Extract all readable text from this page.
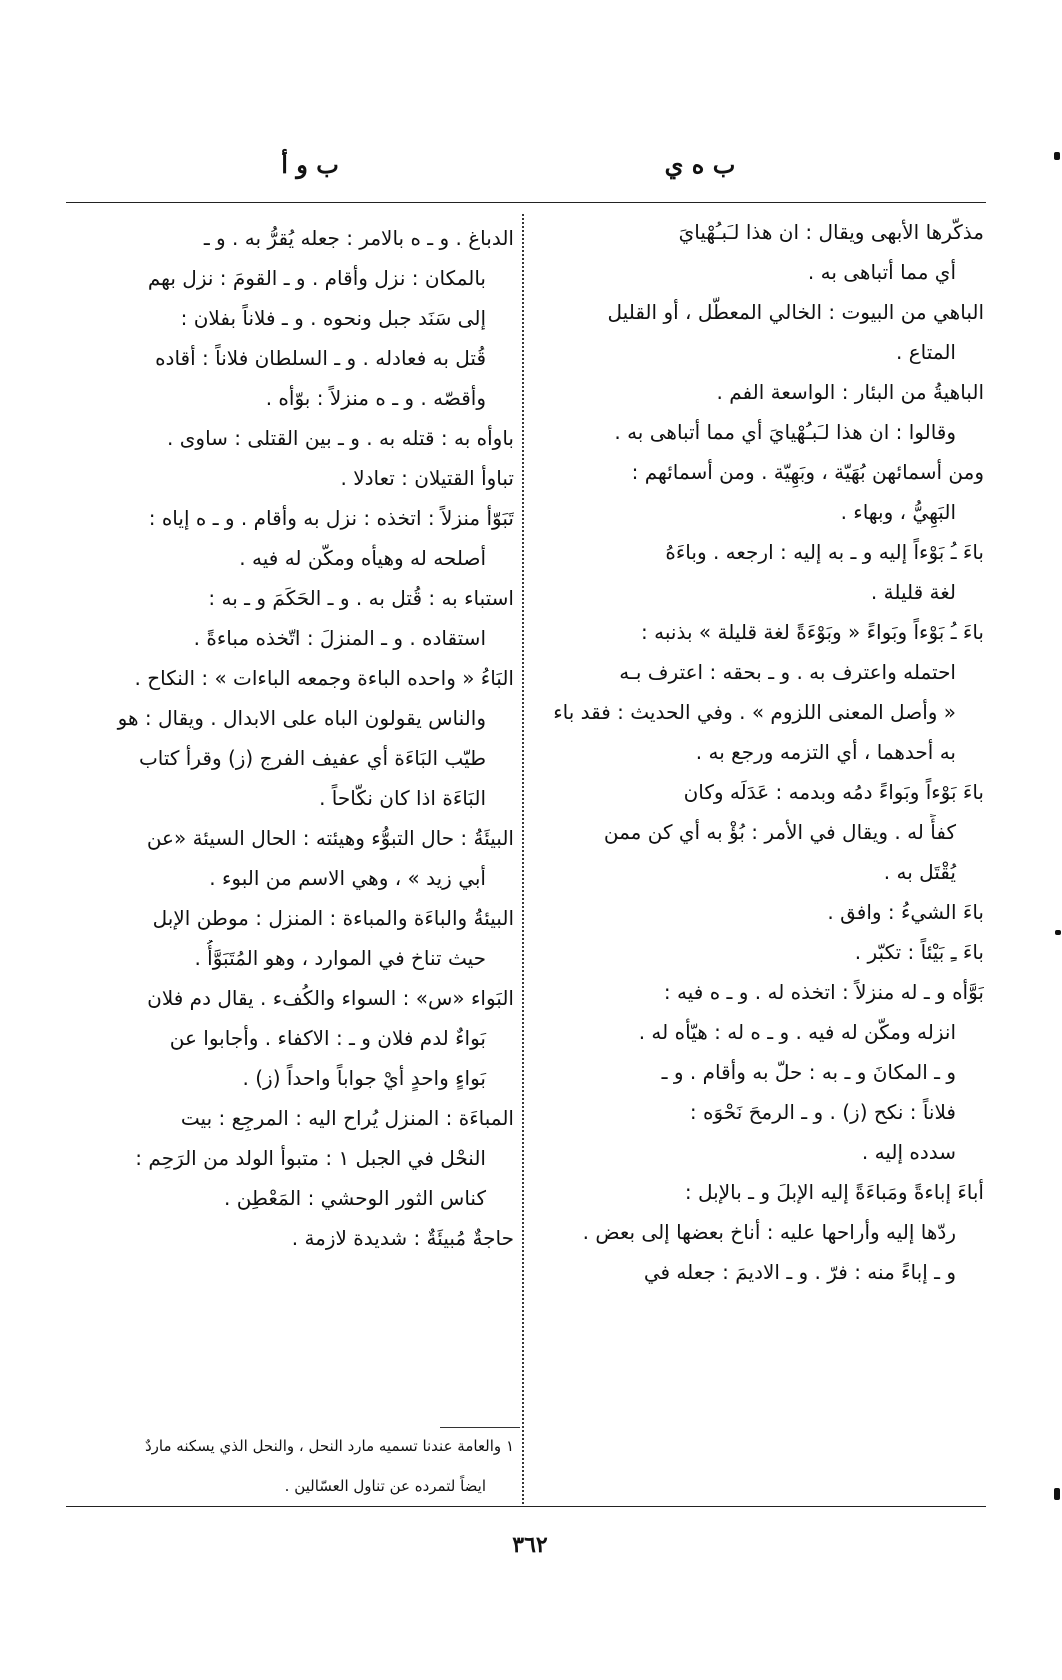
ب ه ي
ب و أ
مذكّرها الأبهى ويقال : ان هذا لـَبـُهْيايَ
أي مما أتباهى به .
الباهي من البيوت : الخالي المعطّل ، أو القليل
المتاع .
الباهيةُ من البئار : الواسعة الفم .
وقالوا : ان هذا لـَبـُهْيايَ أي مما أتباهى به .
ومن أسمائهن بُهَيّة ، وبَهِيّة . ومن أسمائهم :
البَهِيُّ ، وبهاء .
باءَ ـُ بَوْءاً إليه و ـ به إليه : ارجعه . وباءَهُ
لغة قليلة .
باءَ ـُ بَوْءاً وبَواءً « وبَوْءَةً لغة قليلة » بذنبه :
احتمله واعترف به . و ـ بحقه : اعترف بـه
« وأصل المعنى اللزوم » . وفي الحديث : فقد باء
به أحدهما ، أي التزمه ورجع به .
باءَ بَوْءاً وبَواءً دمُه وبدمه : عَدَلَه وكان
كفأً له . ويقال في الأمر : بُؤْ به أي كن ممن
يُقْتَل به .
باءَ الشيءُ : وافق .
باءَ ـِ بَيْئاً : تكبّر .
بَوَّأه و ـ له منزلاً : اتخذه له . و ـ ه فيه :
انزله ومكّن له فيه . و ـ ه له : هيّأه له .
و ـ المكانَ و ـ به : حلّ به وأقام . و ـ
فلاناً : نكح (ز) . و ـ الرمحَ نَحْوَه :
سدده إليه .
أباءَ إباءةً ومَباءَةً إليه الإبلَ و ـ بالإبل :
ردّها إليه وأراحها عليه : أناخ بعضها إلى بعض .
و ـ إباءً منه : فرّ . و ـ الاديمَ : جعله في
الدباغ . و ـ ه بالامر : جعله يُقرُّ به . و ـ
بالمكان : نزل وأقام . و ـ القومَ : نزل بهم
إلى سَنَد جبل ونحوه . و ـ فلاناً بفلان :
قُتل به فعادله . و ـ السلطان فلاناً : أقاده
وأقصّه . و ـ ه منزلاً : بوّأه .
باوأه به : قتله به . و ـ بين القتلى : ساوى .
تباوأ القتيلان : تعادلا .
تَبَوّأ منزلاً : اتخذه : نزل به وأقام . و ـ ه إياه :
أصلحه له وهيأه ومكّن له فيه .
استباء به : قُتل به . و ـ الحَكَمَ و ـ به :
استقاده . و ـ المنزلَ : اتّخذه مباءةً .
البَاءُ « واحده الباءة وجمعه الباءات » : النكاح .
والناس يقولون الباه على الابدال . ويقال : هو
طيّب البَاءَة أي عفيف الفرج (ز) وقرأ كتاب
البَاءَة اذا كان نكّاحاً .
البيئَةُ : حال التبوُّء وهيئته : الحال السيئة «عن
أبي زيد » ، وهي الاسم من البوء .
البيئةُ والباءَة والمباءة : المنزل : موطن الإبل
حيث تناخ في الموارد ، وهو المُتَبَوَّأُ .
البَواء «س» : السواء والكُفء . يقال دم فلان
بَواءٌ لدم فلان و ـ : الاكفاء . وأجابوا عن
بَواءٍ واحدٍ أيْ جواباً واحداً (ز) .
المباءَة : المنزل يُراح اليه : المرجِع : بيت
النحْل في الجبل ١ : متبوأ الولد من الرَحِم :
كناس الثور الوحشي : المَعْطِن .
حاجةٌ مُبيئَةٌ : شديدة لازمة .
١ والعامة عندنا تسميه مارد النحل ، والنحل الذي يسكنه ماردٌ
ايضاً لتمرده عن تناول العسّالين .
٣٦٢
